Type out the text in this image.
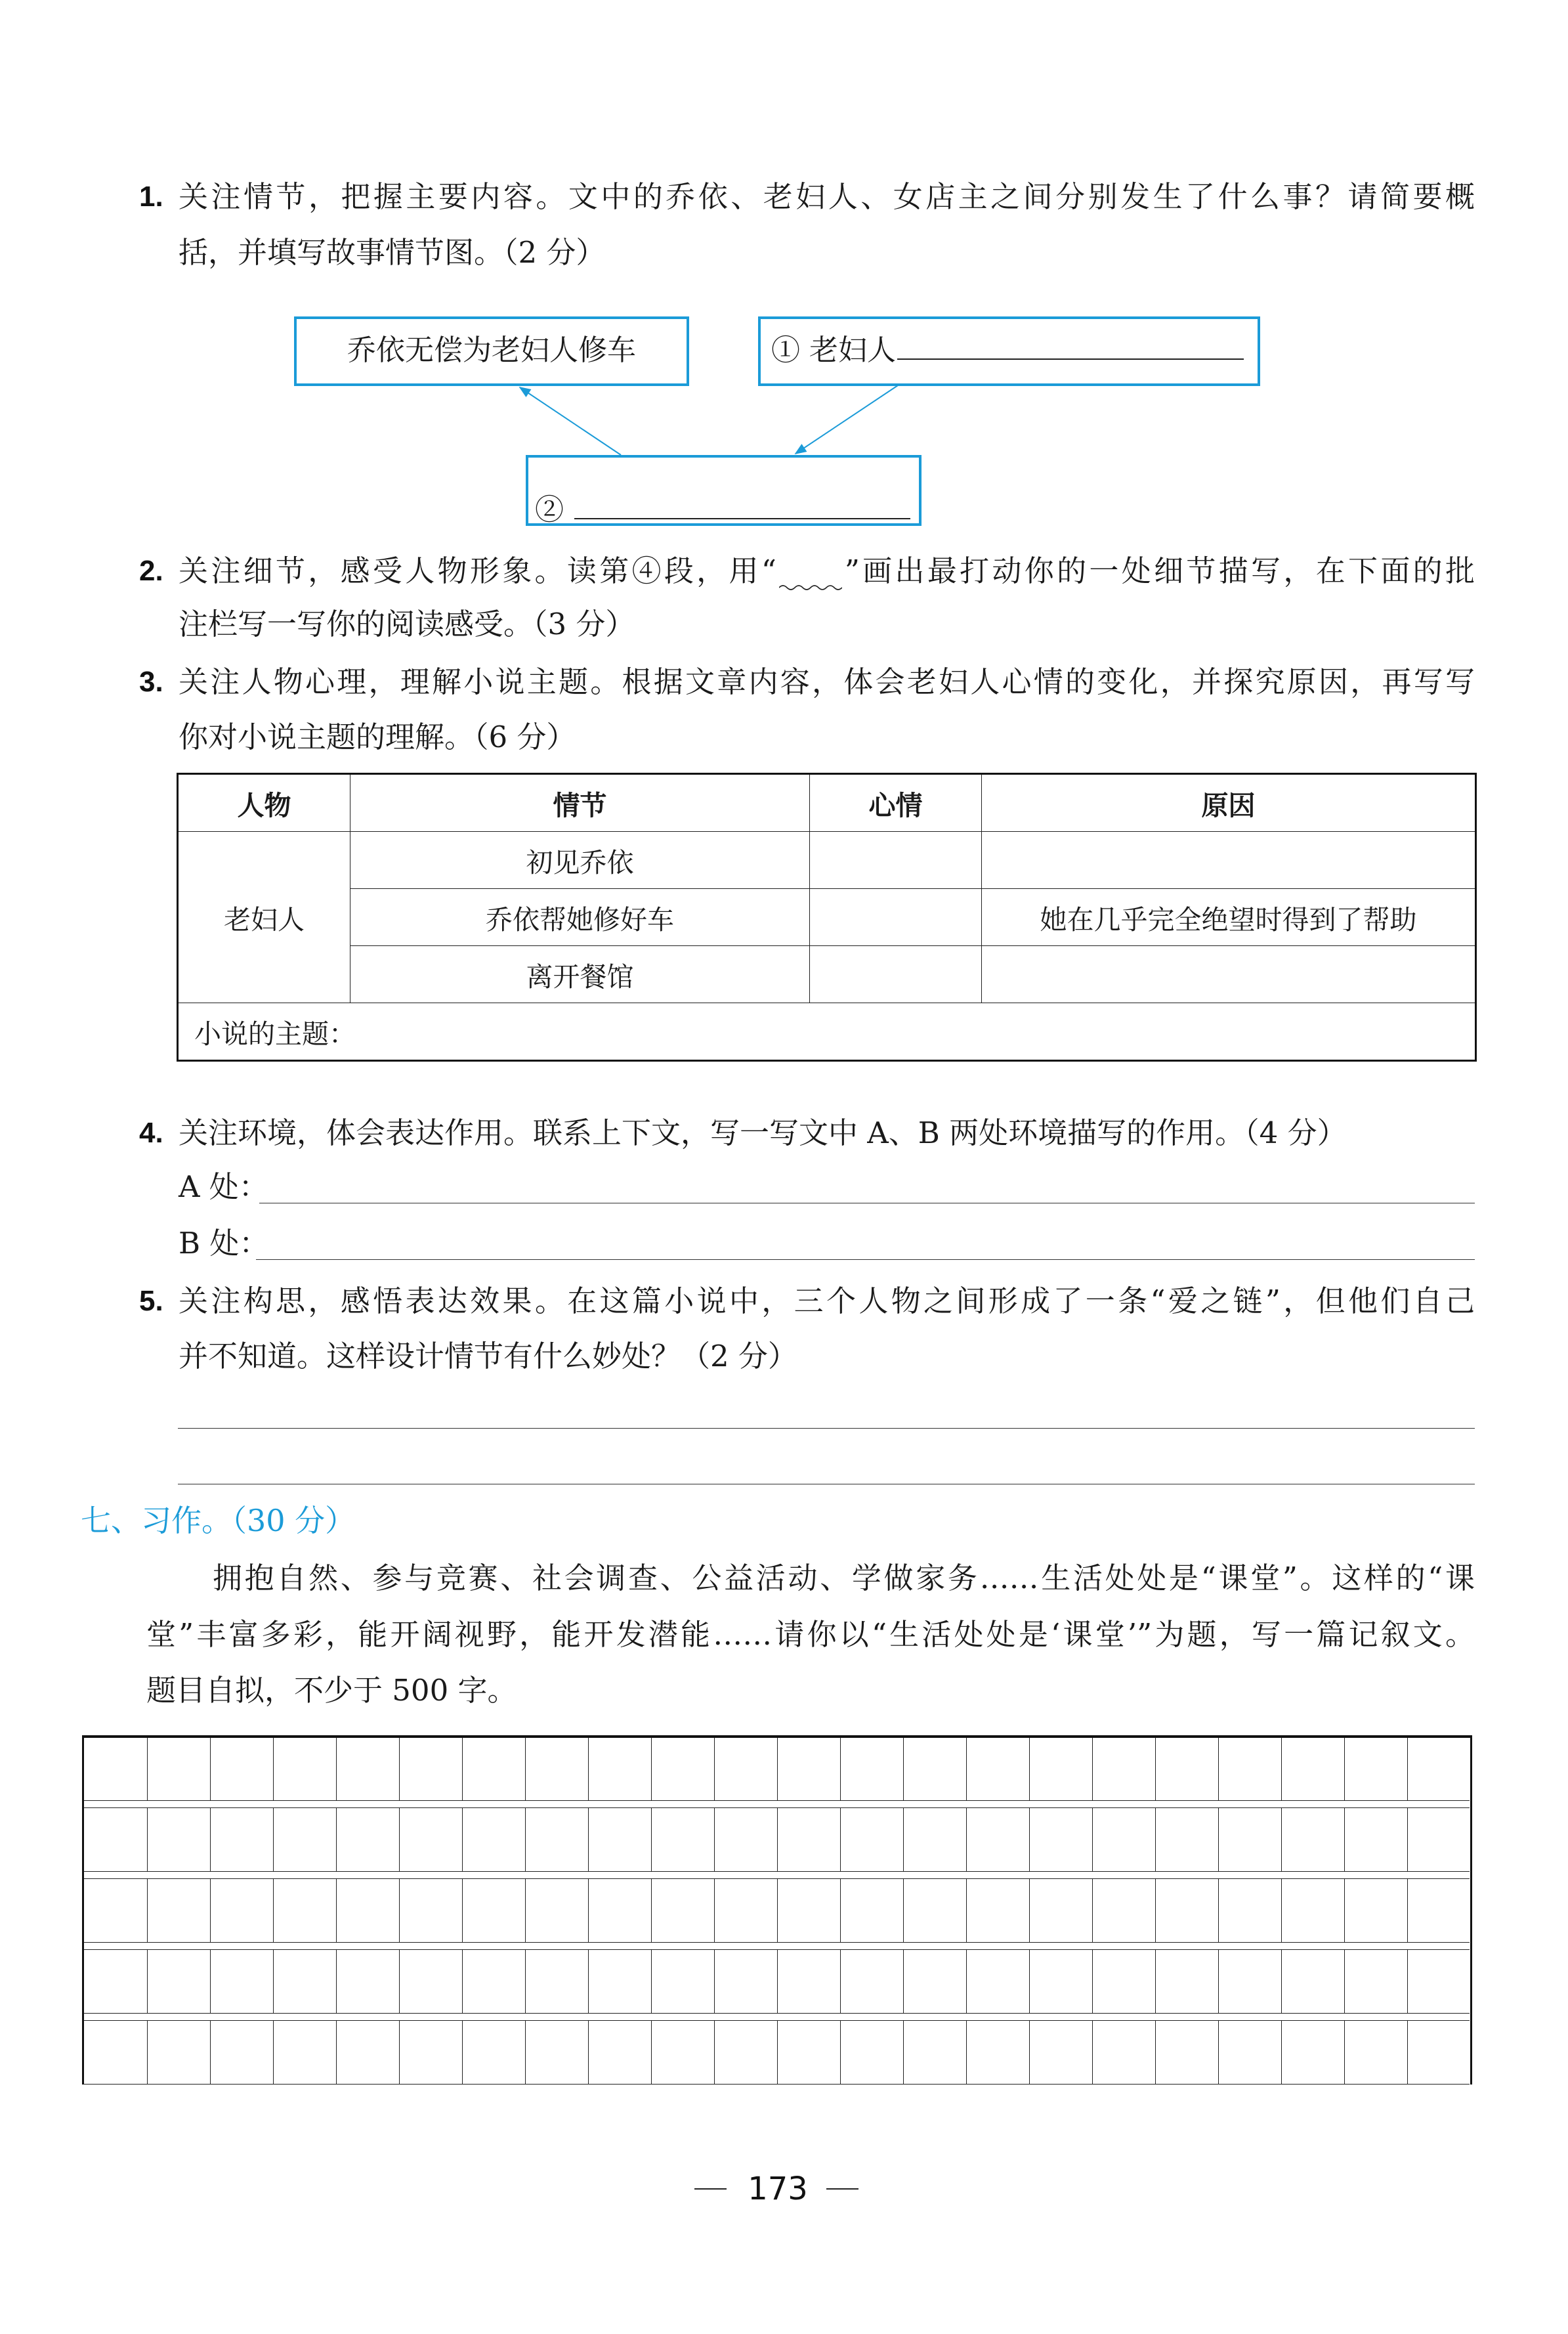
1. 关注情节，把握主要内容。文中的乔依、老妇人、女店主之间分别发生了什么事？请简要概
括，并填写故事情节图。（2 分）
乔依无偿为老妇人修车	① 老妇人
②
2. 关注细节，感受人物形象。读第④段，用“ ”画出最打动你的一处细节描写，在下面的批
注栏写一写你的阅读感受。（3 分）
3. 关注人物心理，理解小说主题。根据文章内容，体会老妇人心情的变化，并探究原因，再写写
你对小说主题的理解。（6 分）
人物	情节	心情	原因
老妇人	初见乔依		
	乔依帮她修好车		她在几乎完全绝望时得到了帮助
	离开餐馆		
小说的主题：			
4. 关注环境，体会表达作用。联系上下文，写一写文中 A、B 两处环境描写的作用。（4 分）
A 处：
B 处：
5. 关注构思，感悟表达效果。在这篇小说中，三个人物之间形成了一条“爱之链”，但他们自己
并不知道。这样设计情节有什么妙处？（2 分）
七、习作。（30 分）
拥抱自然、参与竞赛、社会调查、公益活动、学做家务……生活处处是“课堂”。这样的“课
堂”丰富多彩，能开阔视野，能开发潜能……请你以“生活处处是‘课堂’”为题，写一篇记叙文。
题目自拟，不少于 500 字。
173
